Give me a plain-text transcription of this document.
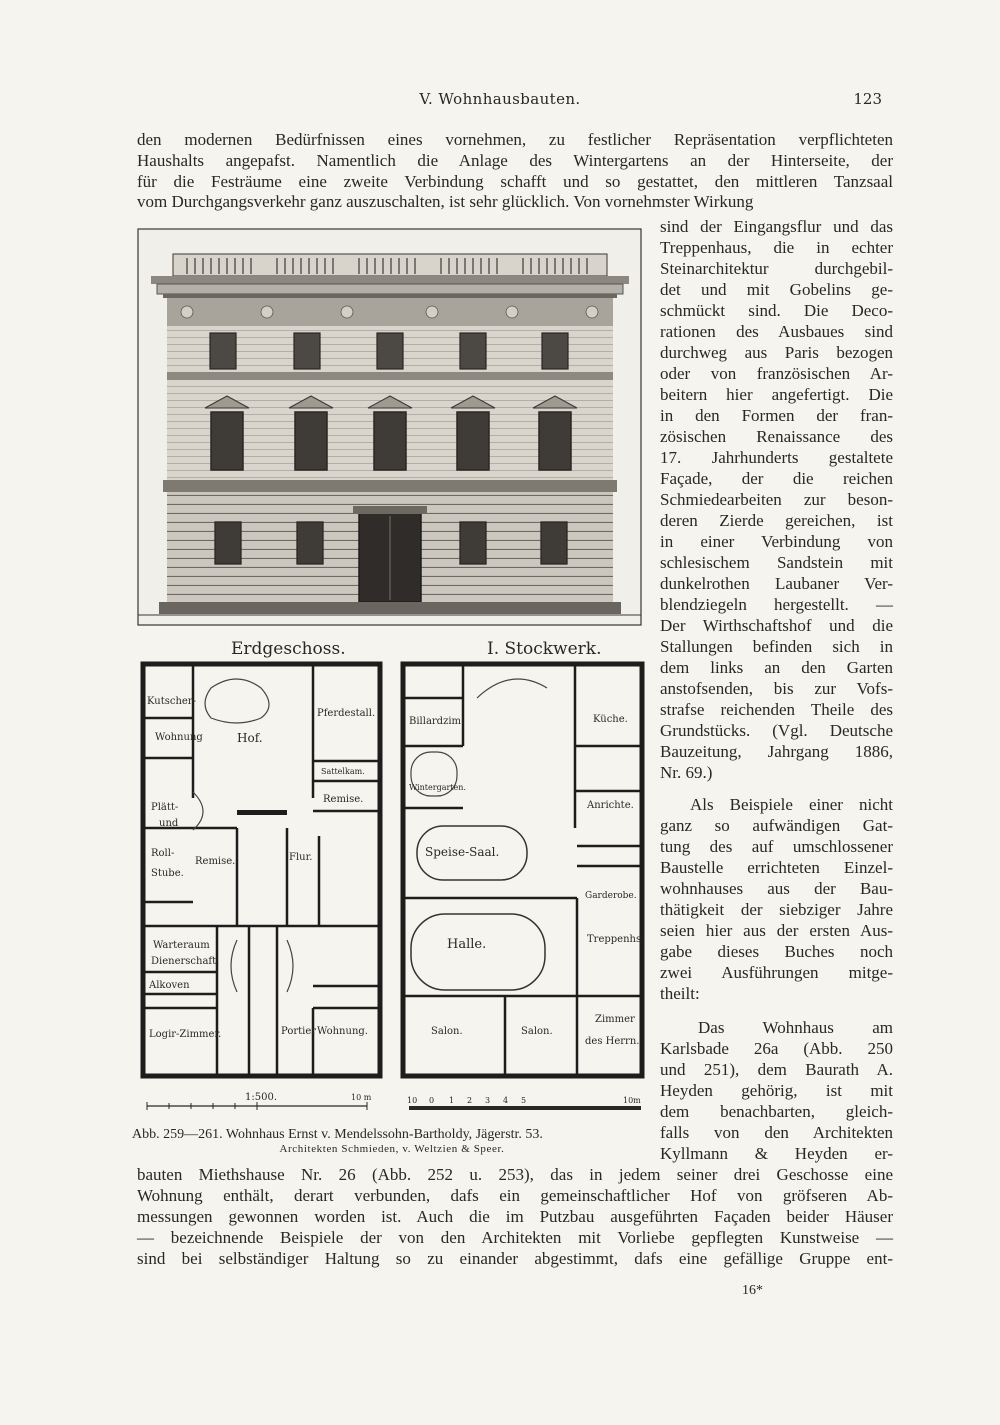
V. Wohnhausbauten.	123

den modernen Bedürfnissen eines vornehmen, zu festlicher Repräsentation verpflichteten

Haushalts angepafst. Namentlich die Anlage des Wintergartens an der Hinterseite, der

für die Festräume eine zweite Verbindung schafft und so gestattet, den mittleren Tanzsaal

vom Durchgangsverkehr ganz auszuschalten, ist sehr glücklich. Von vornehmster Wirkung

sind der Eingangsflur und das

Treppenhaus, die in echter

Steinarchitektur durchgebil-

det und mit Gobelins ge-

schmückt sind. Die Deco-

rationen des Ausbaues sind

durchweg aus Paris bezogen

oder von französischen Ar-

beitern hier angefertigt. Die

in den Formen der fran-

zösischen Renaissance des

17. Jahrhunderts gestaltete

Façade, der die reichen

Schmiedearbeiten zur beson-

deren Zierde gereichen, ist

in einer Verbindung von

schlesischem Sandstein mit

dunkelrothen Laubaner Ver-

blendziegeln hergestellt. —

Der Wirthschaftshof und die

Stallungen befinden sich in

dem links an den Garten

anstofsenden, bis zur Vofs-

strafse reichenden Theile des

Grundstücks. (Vgl. Deutsche

Bauzeitung, Jahrgang 1886,

Nr. 69.)

Als Beispiele einer nicht

ganz so aufwändigen Gat-

tung des auf umschlossener

Baustelle errichteten Einzel-

wohnhauses aus der Bau-

thätigkeit der siebziger Jahre

seien hier aus der ersten Aus-

gabe dieses Buches noch

zwei Ausführungen mitge-

theilt:

Das Wohnhaus am

Karlsbade 26a (Abb. 250

und 251), dem Baurath A.

Heyden gehörig, ist mit

dem benachbarten, gleich-

falls von den Architekten

Kyllmann & Heyden er-

bauten Miethshause Nr. 26 (Abb. 252 u. 253), das in jedem seiner drei Geschosse eine

Wohnung enthält, derart verbunden, dafs ein gemeinschaftlicher Hof von gröfseren Ab-

messungen gewonnen worden ist. Auch die im Putzbau ausgeführten Façaden beider Häuser

— bezeichnende Beispiele der von den Architekten mit Vorliebe gepflegten Kunstweise —

sind bei selbständiger Haltung so zu einander abgestimmt, dafs eine gefällige Gruppe ent-

Erdgeschoss.	I. Stockwerk.
Kutscher-
Wohnung	Hof.
Pferdestall.
Sattelkam.
Remise.
Plätt-
und
Roll-
Stube.
Remise.	Flur.
Warteraum
Dienerschaft.
Alkoven
Logir-Zimmer.	Portier Wohnung.
Billardzim.	Küche.
Wintergarten.
Anrichte.
Speise-Saal.
Garderobe.
Halle.	Treppenhs.
Salon.	Salon.
Zimmer
des Herrn.
1:500.	10 m	10 0 1 2 3 4 5	10m

Abb. 259—261. Wohnhaus Ernst v. Mendelssohn-Bartholdy, Jägerstr. 53.

Architekten Schmieden, v. Weltzien & Speer.

16*
